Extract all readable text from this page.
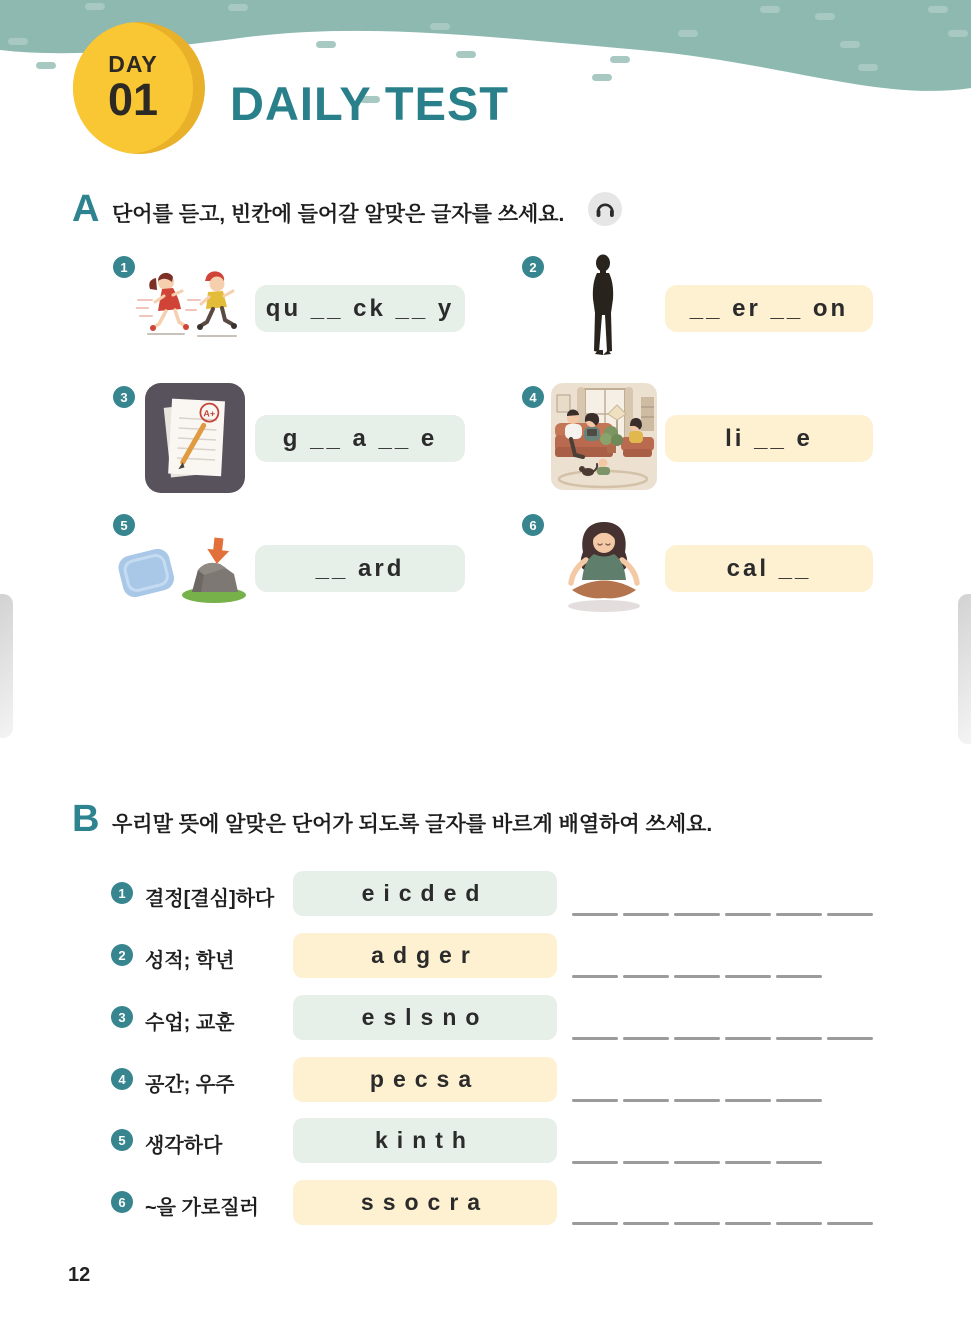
DAY
01 DAILY TEST
A 단어를 듣고, 빈칸에 들어갈 알맞은 글자를 쓰세요.
1
qu __ ck __ y
2
__ er __ on
3
A+
g __ a __ e
4
li __ e
5
__ ard
6
cal __
B 우리말 뜻에 알맞은 단어가 되도록 글자를 바르게 배열하여 쓰세요.
1 결정[결심]하다	eicded
2 성적; 학년	adger
3 수업; 교훈	eslsno
4 공간; 우주	pecsa
5 생각하다	kinth
6 ~을 가로질러	ssocra
12
